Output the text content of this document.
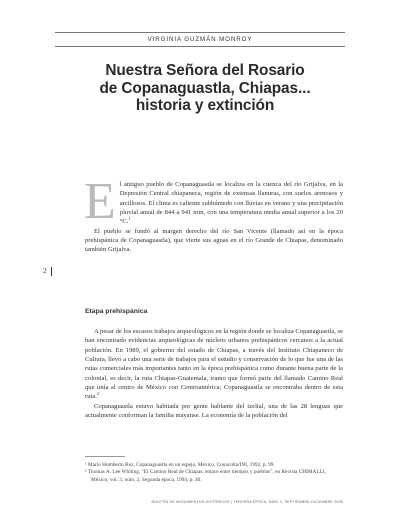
VIRGINIA GUZMÁN MONROY
Nuestra Señora del Rosario
de Copanaguastla, Chiapas...
historia y extinción
2

El antiguo pueblo de Copanaguastla se localiza en la cuenca del río Grijalva, en la Depresión Central chiapaneca, región de extensas llanuras, con suelos arenosos y arcillosos. El clima es caliente subhúmedo con lluvias en verano y una precipitación pluvial anual de 844 a 941 mm, con una temperatura media anual superior a los 20 °C.$^1$

El pueblo se fundó al margen derecho del río San Vicente (llamado así en la época prehispánica de Copanaguastla), que vierte sus aguas en el río Grande de Chiapas, denominado también Grijalva.

Etapa prehispánica

A pesar de los escasos trabajos arqueológicos en la región donde se localiza Copanaguastla, se han encontrado evidencias arqueológicas de núcleos urbanos prehispánicos cercanos a la actual población. En 1989, el gobierno del estado de Chiapas, a través del Instituto Chiapaneco de Cultura, llevó a cabo una serie de trabajos para el estudio y conservación de lo que fue una de las rutas comerciales más importantes tanto en la época prehispánica como durante buena parte de la colonial, es decir, la ruta Chiapas-Guatemala, tramo que formó parte del llamado Camino Real que unía al centro de México con Centroamérica; Copanaguastla se encontraba dentro de esta ruta.$^2$

Copanaguastla estuvo habitada por gente hablante del tzeltal, una de las 28 lenguas que actualmente conforman la familia mayanse. La economía de la población del

¹ Mario Humberto Ruz, Copanaguastla en un espejo, México, Conaculta/INI, 1992, p. 99.

² Thomas A. Lee Whiting, "El Camino Real de Chiapas: enlace entre tiempos y pueblos", en Revista CHIMALLI, México, vol. 3, núm. 2, Segunda época, 1993, p. 40.

BOLETÍN DE MONUMENTOS HISTÓRICOS | TERCERA ÉPOCA, NÚM. 3, SEPTIEMBRE-DICIEMBRE 2005
